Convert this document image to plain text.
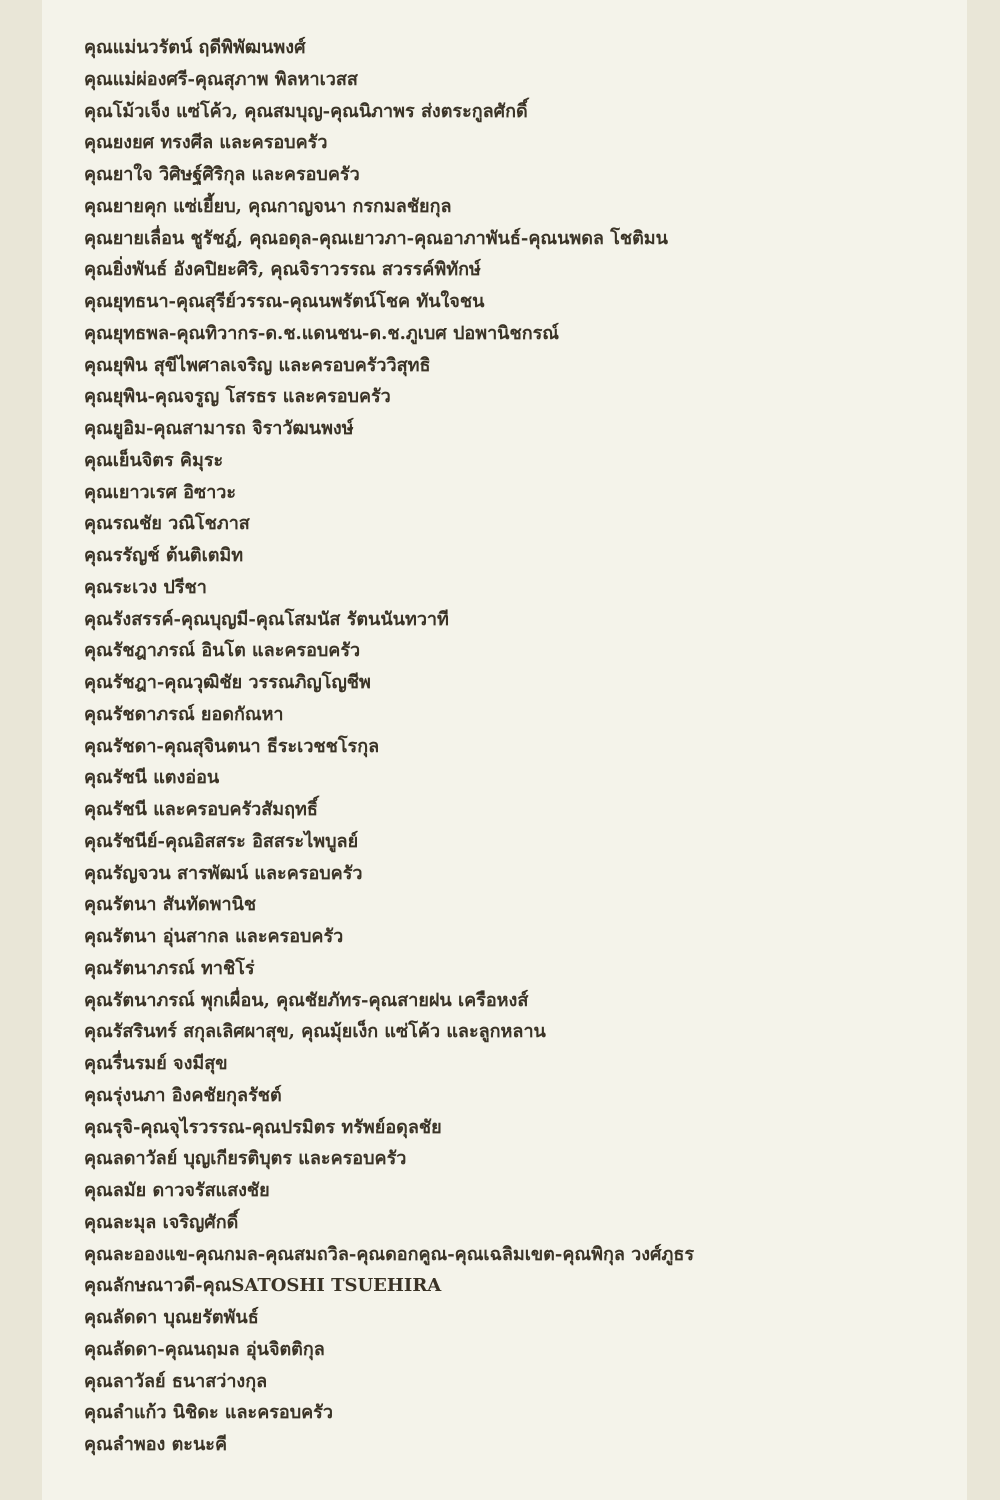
คุณแม่นวรัตน์ ฤดีพิพัฒนพงศ์
คุณแม่ผ่องศรี-คุณสุภาพ พิลหาเวสส
คุณโม้วเจ็ง แซ่โค้ว, คุณสมบุญ-คุณนิภาพร ส่งตระกูลศักดิ์
คุณยงยศ ทรงศีล และครอบครัว
คุณยาใจ วิศิษฐ์ศิริกุล และครอบครัว
คุณยายคุก แซ่เยี้ยบ, คุณกาญจนา กรกมลชัยกุล
คุณยายเลื่อน ชูรัชฎ์, คุณอดุล-คุณเยาวภา-คุณอาภาพันธ์-คุณนพดล โชติมน
คุณยิ่งพันธ์ อังคปิยะศิริ, คุณจิราวรรณ สวรรค์พิทักษ์
คุณยุทธนา-คุณสุรีย์วรรณ-คุณนพรัตน์โชค ทันใจชน
คุณยุทธพล-คุณทิวากร-ด.ช.แดนชน-ด.ช.ภูเบศ ปอพานิชกรณ์
คุณยุพิน สุขีไพศาลเจริญ และครอบครัววิสุทธิ
คุณยุพิน-คุณจรูญ โสรธร และครอบครัว
คุณยูอิม-คุณสามารถ จิราวัฒนพงษ์
คุณเย็นจิตร คิมุระ
คุณเยาวเรศ อิซาวะ
คุณรณชัย วณิโชภาส
คุณรรัญช์ ต้นติเตมิท
คุณระเวง ปรีชา
คุณรังสรรค์-คุณบุญมี-คุณโสมนัส รัตนนันทวาที
คุณรัชฎาภรณ์ อินโต และครอบครัว
คุณรัชฎา-คุณวุฒิชัย วรรณภิญโญชีพ
คุณรัชดาภรณ์ ยอดกัณหา
คุณรัชดา-คุณสุจินตนา ธีระเวชชโรกุล
คุณรัชนี แตงอ่อน
คุณรัชนี และครอบครัวสัมฤทธิ์
คุณรัชนีย์-คุณอิสสระ อิสสระไพบูลย์
คุณรัญจวน สารพัฒน์ และครอบครัว
คุณรัตนา สันทัดพานิช
คุณรัตนา อุ่นสากล และครอบครัว
คุณรัตนาภรณ์ ทาชิโร่
คุณรัตนาภรณ์ พุกเผื่อน, คุณชัยภัทร-คุณสายฝน เครือหงส์
คุณรัสรินทร์ สกุลเลิศผาสุข, คุณมุ้ยเง็ก แซ่โค้ว และลูกหลาน
คุณรื่นรมย์ จงมีสุข
คุณรุ่งนภา อิงคชัยกุลรัชต์
คุณรุจิ-คุณจุไรวรรณ-คุณปรมิตร ทรัพย์อดุลชัย
คุณลดาวัลย์ บุญเกียรติบุตร และครอบครัว
คุณลมัย ดาวจรัสแสงชัย
คุณละมุล เจริญศักดิ์
คุณละอองแข-คุณกมล-คุณสมถวิล-คุณดอกคูณ-คุณเฉลิมเขต-คุณพิกุล วงศ์ภูธร
คุณลักษณาวดี-คุณSATOSHI TSUEHIRA
คุณลัดดา บุณยรัตพันธ์
คุณลัดดา-คุณนฤมล อุ่นจิตติกุล
คุณลาวัลย์ ธนาสว่างกุล
คุณลำแก้ว นิชิดะ และครอบครัว
คุณลำพอง ตะนะคี
